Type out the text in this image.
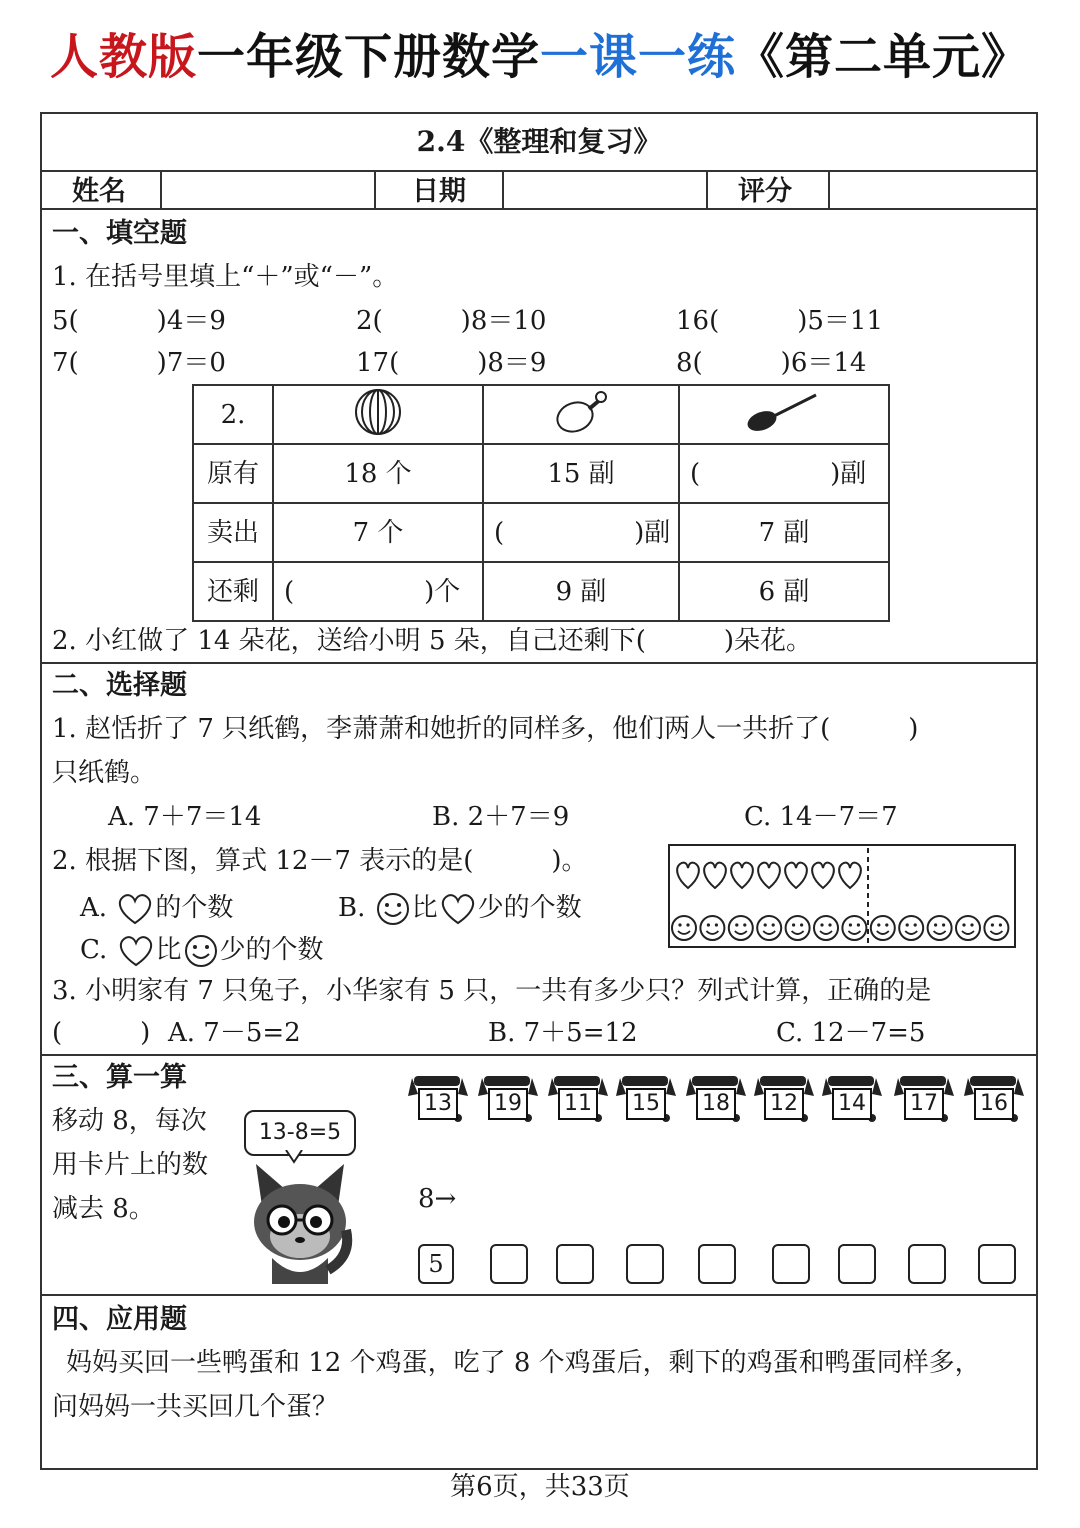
人教版一年级下册数学一课一练《第二单元》
2.4《整理和复习》
姓名	日期	评分
一、填空题
1. 在括号里填上“＋”或“－”。
5(　　　)4＝9	2(　　　)8＝10	16(　　　)5＝11
7(　　　)7＝0	17(　　　)8＝9	8(　　　)6＝14
2.			
原有	18 个	15 副	(　　　　　)副
卖出	7 个	(　　　　　)副	7 副
还剩	(　　　　　)个	9 副	6 副
2. 小红做了 14 朵花，送给小明 5 朵，自己还剩下(　　　)朵花。
二、选择题
1. 赵恬折了 7 只纸鹤，李萧萧和她折的同样多，他们两人一共折了(　　　)
只纸鹤。
A. 7＋7＝14	B. 2＋7＝9	C. 14－7＝7
2. 根据下图，算式 12－7 表示的是(　　　)。
A. 的个数	B. 比 少的个数
C. 比 少的个数
3. 小明家有 7 只兔子，小华家有 5 只，一共有多少只？列式计算，正确的是
(　　　) A. 7－5=2	B. 7＋5=12	C. 12－7=5
三、算一算
移动 8，每次
用卡片上的数
减去 8。
13-8=5
13 19 11 15 18 12 14 17 16
8→
5
四、应用题
妈妈买回一些鸭蛋和 12 个鸡蛋，吃了 8 个鸡蛋后，剩下的鸡蛋和鸭蛋同样多，
问妈妈一共买回几个蛋？
第6页，共33页
